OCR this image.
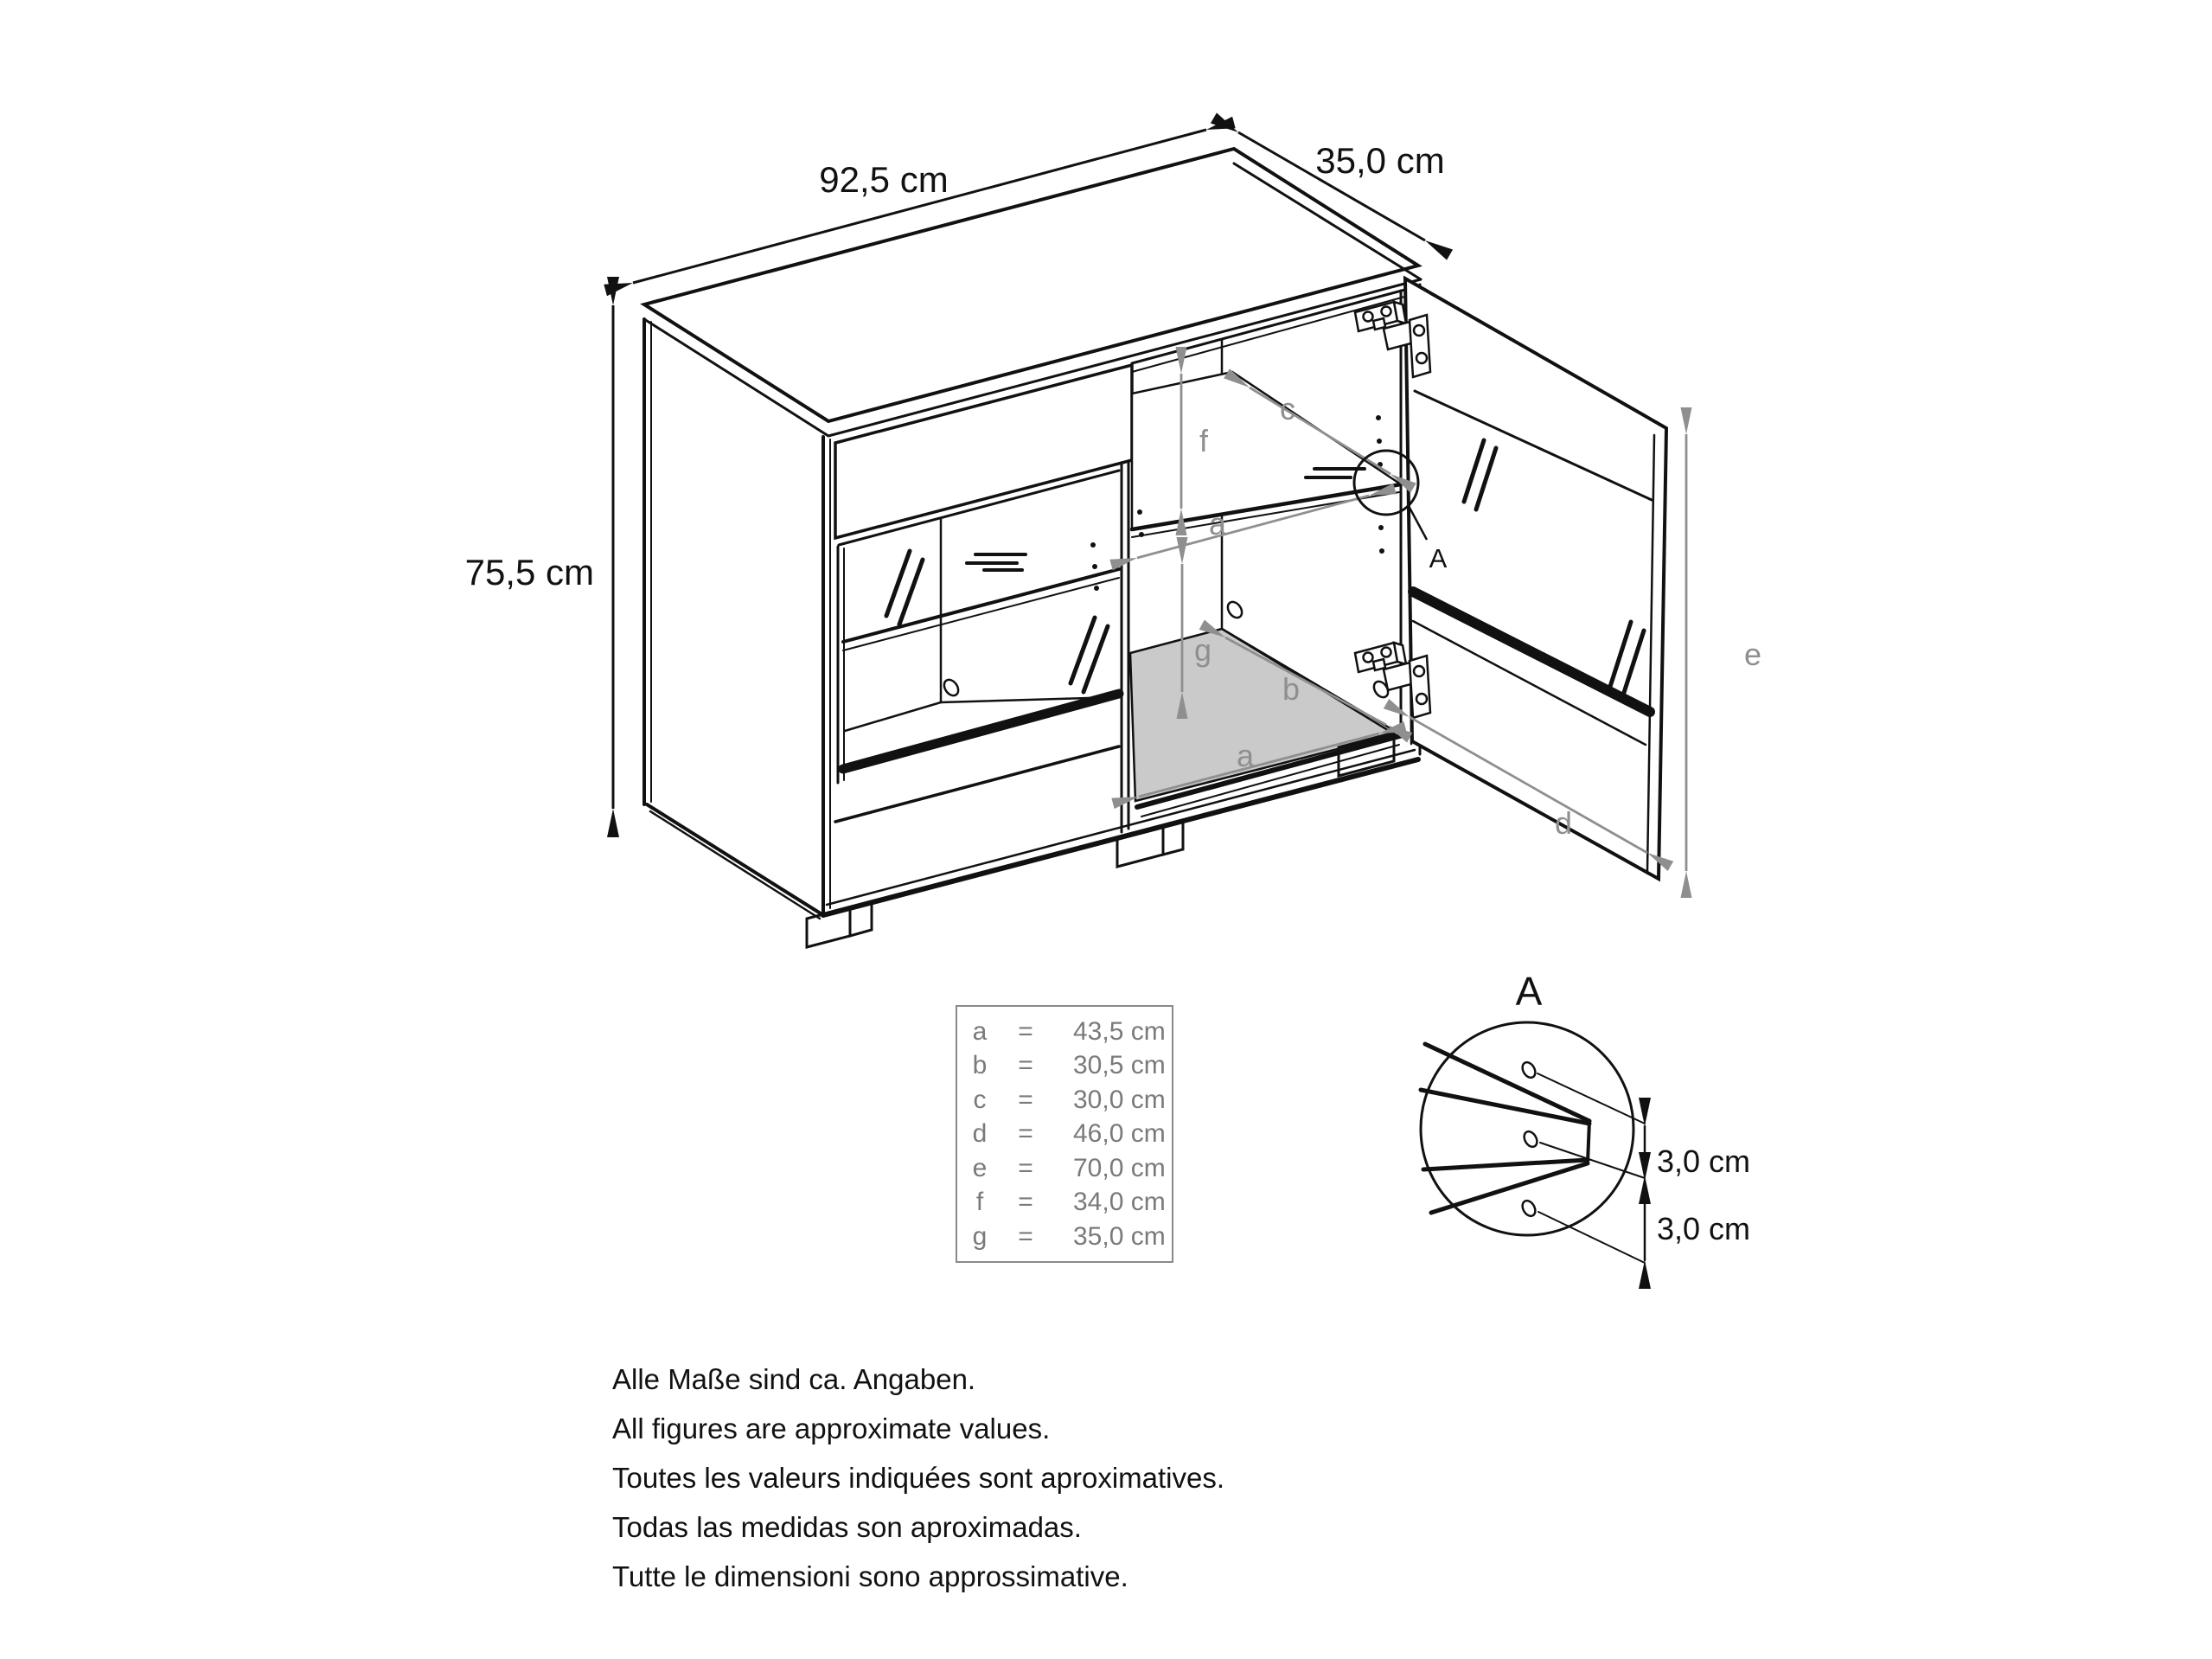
92,5 cm	35,0 cm
75,5 cm
f
c
a
g
b
a
d
e
A
A
3,0 cm
3,0 cm
a	=	43,5 cm
b	=	30,5 cm
c	=	30,0 cm
d	=	46,0 cm
e	=	70,0 cm
f	=	34,0 cm
g	=	35,0 cm
Alle Maße sind ca. Angaben.
All figures are approximate values.
Toutes les valeurs indiquées sont aproximatives.
Todas las medidas son aproximadas.
Tutte le dimensioni sono approssimative.
